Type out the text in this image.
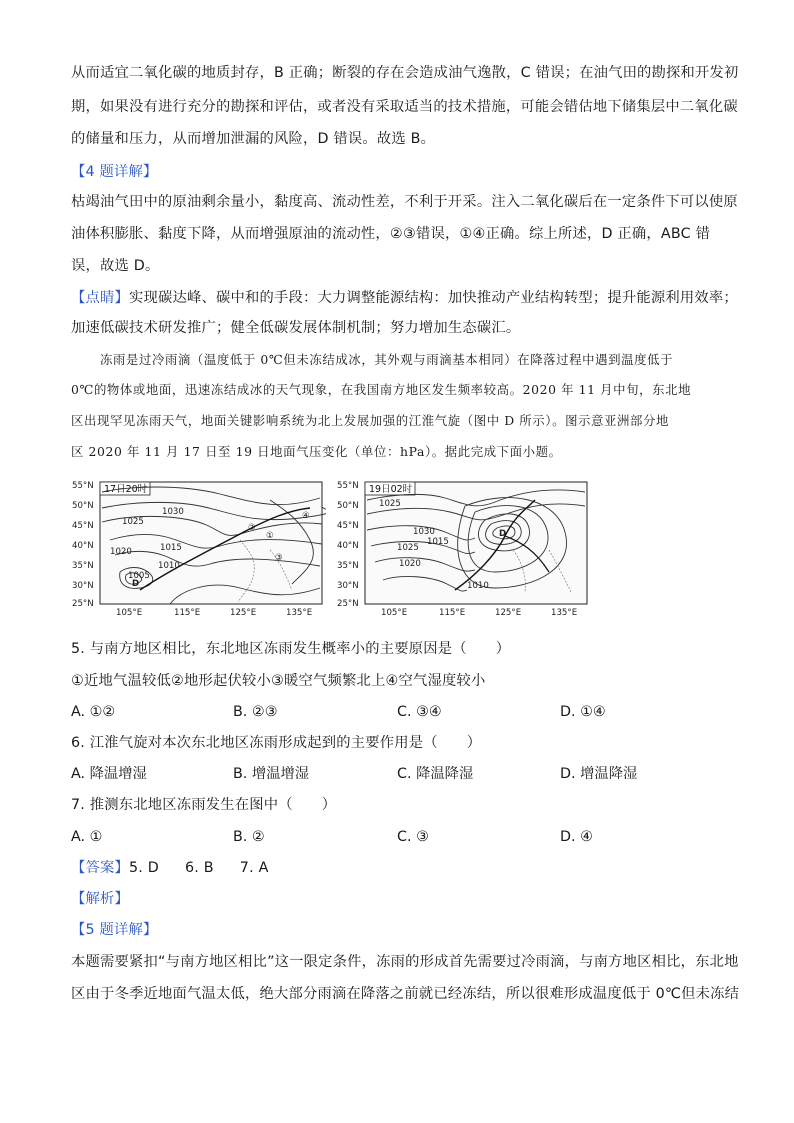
从而适宜二氧化碳的地质封存，B 正确；断裂的存在会造成油气逸散，C 错误；在油气田的勘探和开发初
期，如果没有进行充分的勘探和评估，或者没有采取适当的技术措施，可能会错估地下储集层中二氧化碳
的储量和压力，从而增加泄漏的风险，D 错误。故选 B。
【4 题详解】
枯竭油气田中的原油剩余量小，黏度高、流动性差，不利于开采。注入二氧化碳后在一定条件下可以使原
油体积膨胀、黏度下降，从而增强原油的流动性，②③错误，①④正确。综上所述，D 正确，ABC 错
误，故选 D。
【点睛】实现碳达峰、碳中和的手段：大力调整能源结构：加快推动产业结构转型；提升能源利用效率；
加速低碳技术研发推广；健全低碳发展体制机制；努力增加生态碳汇。
冻雨是过冷雨滴（温度低于 0℃但未冻结成冰，其外观与雨滴基本相同）在降落过程中遇到温度低于
0℃的物体或地面，迅速冻结成冰的天气现象，在我国南方地区发生频率较高。2020 年 11 月中旬，东北地
区出现罕见冻雨天气，地面关键影响系统为北上发展加强的江淮气旋（图中 D 所示）。图示意亚洲部分地
区 2020 年 11 月 17 日至 19 日地面气压变化（单位：hPa）。据此完成下面小题。
17日20时
55°N
50°N
45°N
40°N
35°N
30°N
25°N
105°E	115°E	125°E	135°E
1030
1025
1020	1015
1010
1005
D
①
②
③
④
19日02时
55°N
50°N
45°N
40°N
35°N
30°N
25°N
105°E	115°E	125°E	135°E
1025
1030
1025
1020
1015
1010
D
5. 与南方地区相比，东北地区冻雨发生概率小的主要原因是（　　）
①近地气温较低②地形起伏较小③暖空气频繁北上④空气湿度较小
A. ①②	B. ②③	C. ③④	D. ①④
6. 江淮气旋对本次东北地区冻雨形成起到的主要作用是（　　）
A. 降温增湿	B. 增温增湿	C. 降温降湿	D. 增温降湿
7. 推测东北地区冻雨发生在图中（　　）
A. ①	B. ②	C. ③	D. ④
【答案】5. D 6. B 7. A
【解析】
【5 题详解】
本题需要紧扣“与南方地区相比”这一限定条件，冻雨的形成首先需要过冷雨滴，与南方地区相比，东北地
区由于冬季近地面气温太低，绝大部分雨滴在降落之前就已经冻结，所以很难形成温度低于 0℃但未冻结
